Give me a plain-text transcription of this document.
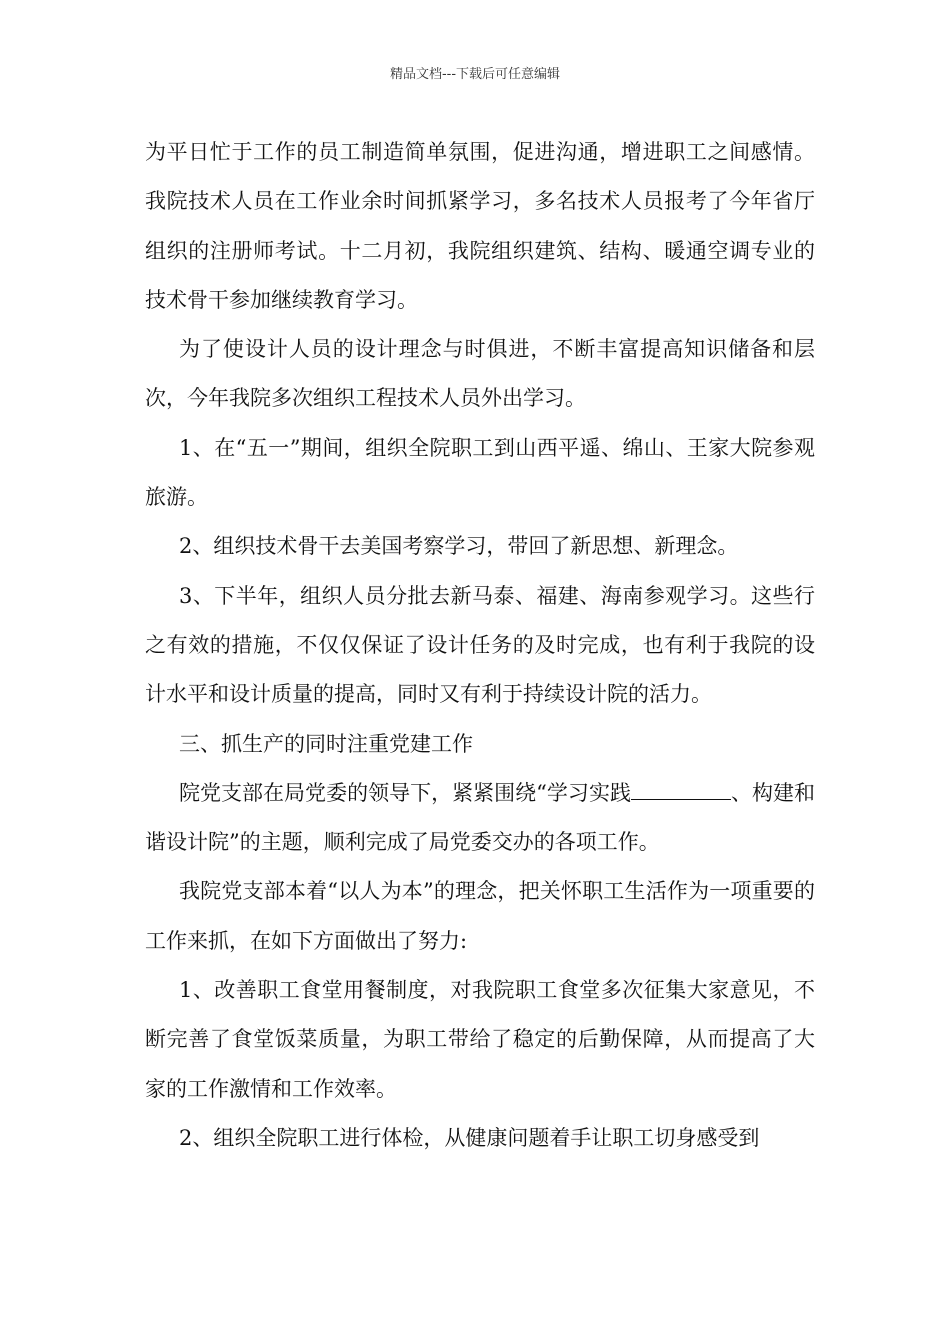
精品文档---下载后可任意编辑

为平日忙于工作的员工制造简单氛围，促进沟通，增进职工之间感情。我院技术人员在工作业余时间抓紧学习，多名技术人员报考了今年省厅组织的注册师考试。十二月初，我院组织建筑、结构、暖通空调专业的技术骨干参加继续教育学习。

为了使设计人员的设计理念与时俱进，不断丰富提高知识储备和层次，今年我院多次组织工程技术人员外出学习。

1、在“五一”期间，组织全院职工到山西平遥、绵山、王家大院参观旅游。

2、组织技术骨干去美国考察学习，带回了新思想、新理念。

3、下半年，组织人员分批去新马泰、福建、海南参观学习。这些行之有效的措施，不仅仅保证了设计任务的及时完成，也有利于我院的设计水平和设计质量的提高，同时又有利于持续设计院的活力。

三、抓生产的同时注重党建工作

院党支部在局党委的领导下，紧紧围绕“学习实践	、构建和谐设计院”的主题，顺利完成了局党委交办的各项工作。

我院党支部本着“以人为本”的理念，把关怀职工生活作为一项重要的工作来抓，在如下方面做出了努力:

1、改善职工食堂用餐制度，对我院职工食堂多次征集大家意见，不断完善了食堂饭菜质量，为职工带给了稳定的后勤保障，从而提高了大家的工作激情和工作效率。

2、组织全院职工进行体检，从健康问题着手让职工切身感受到
